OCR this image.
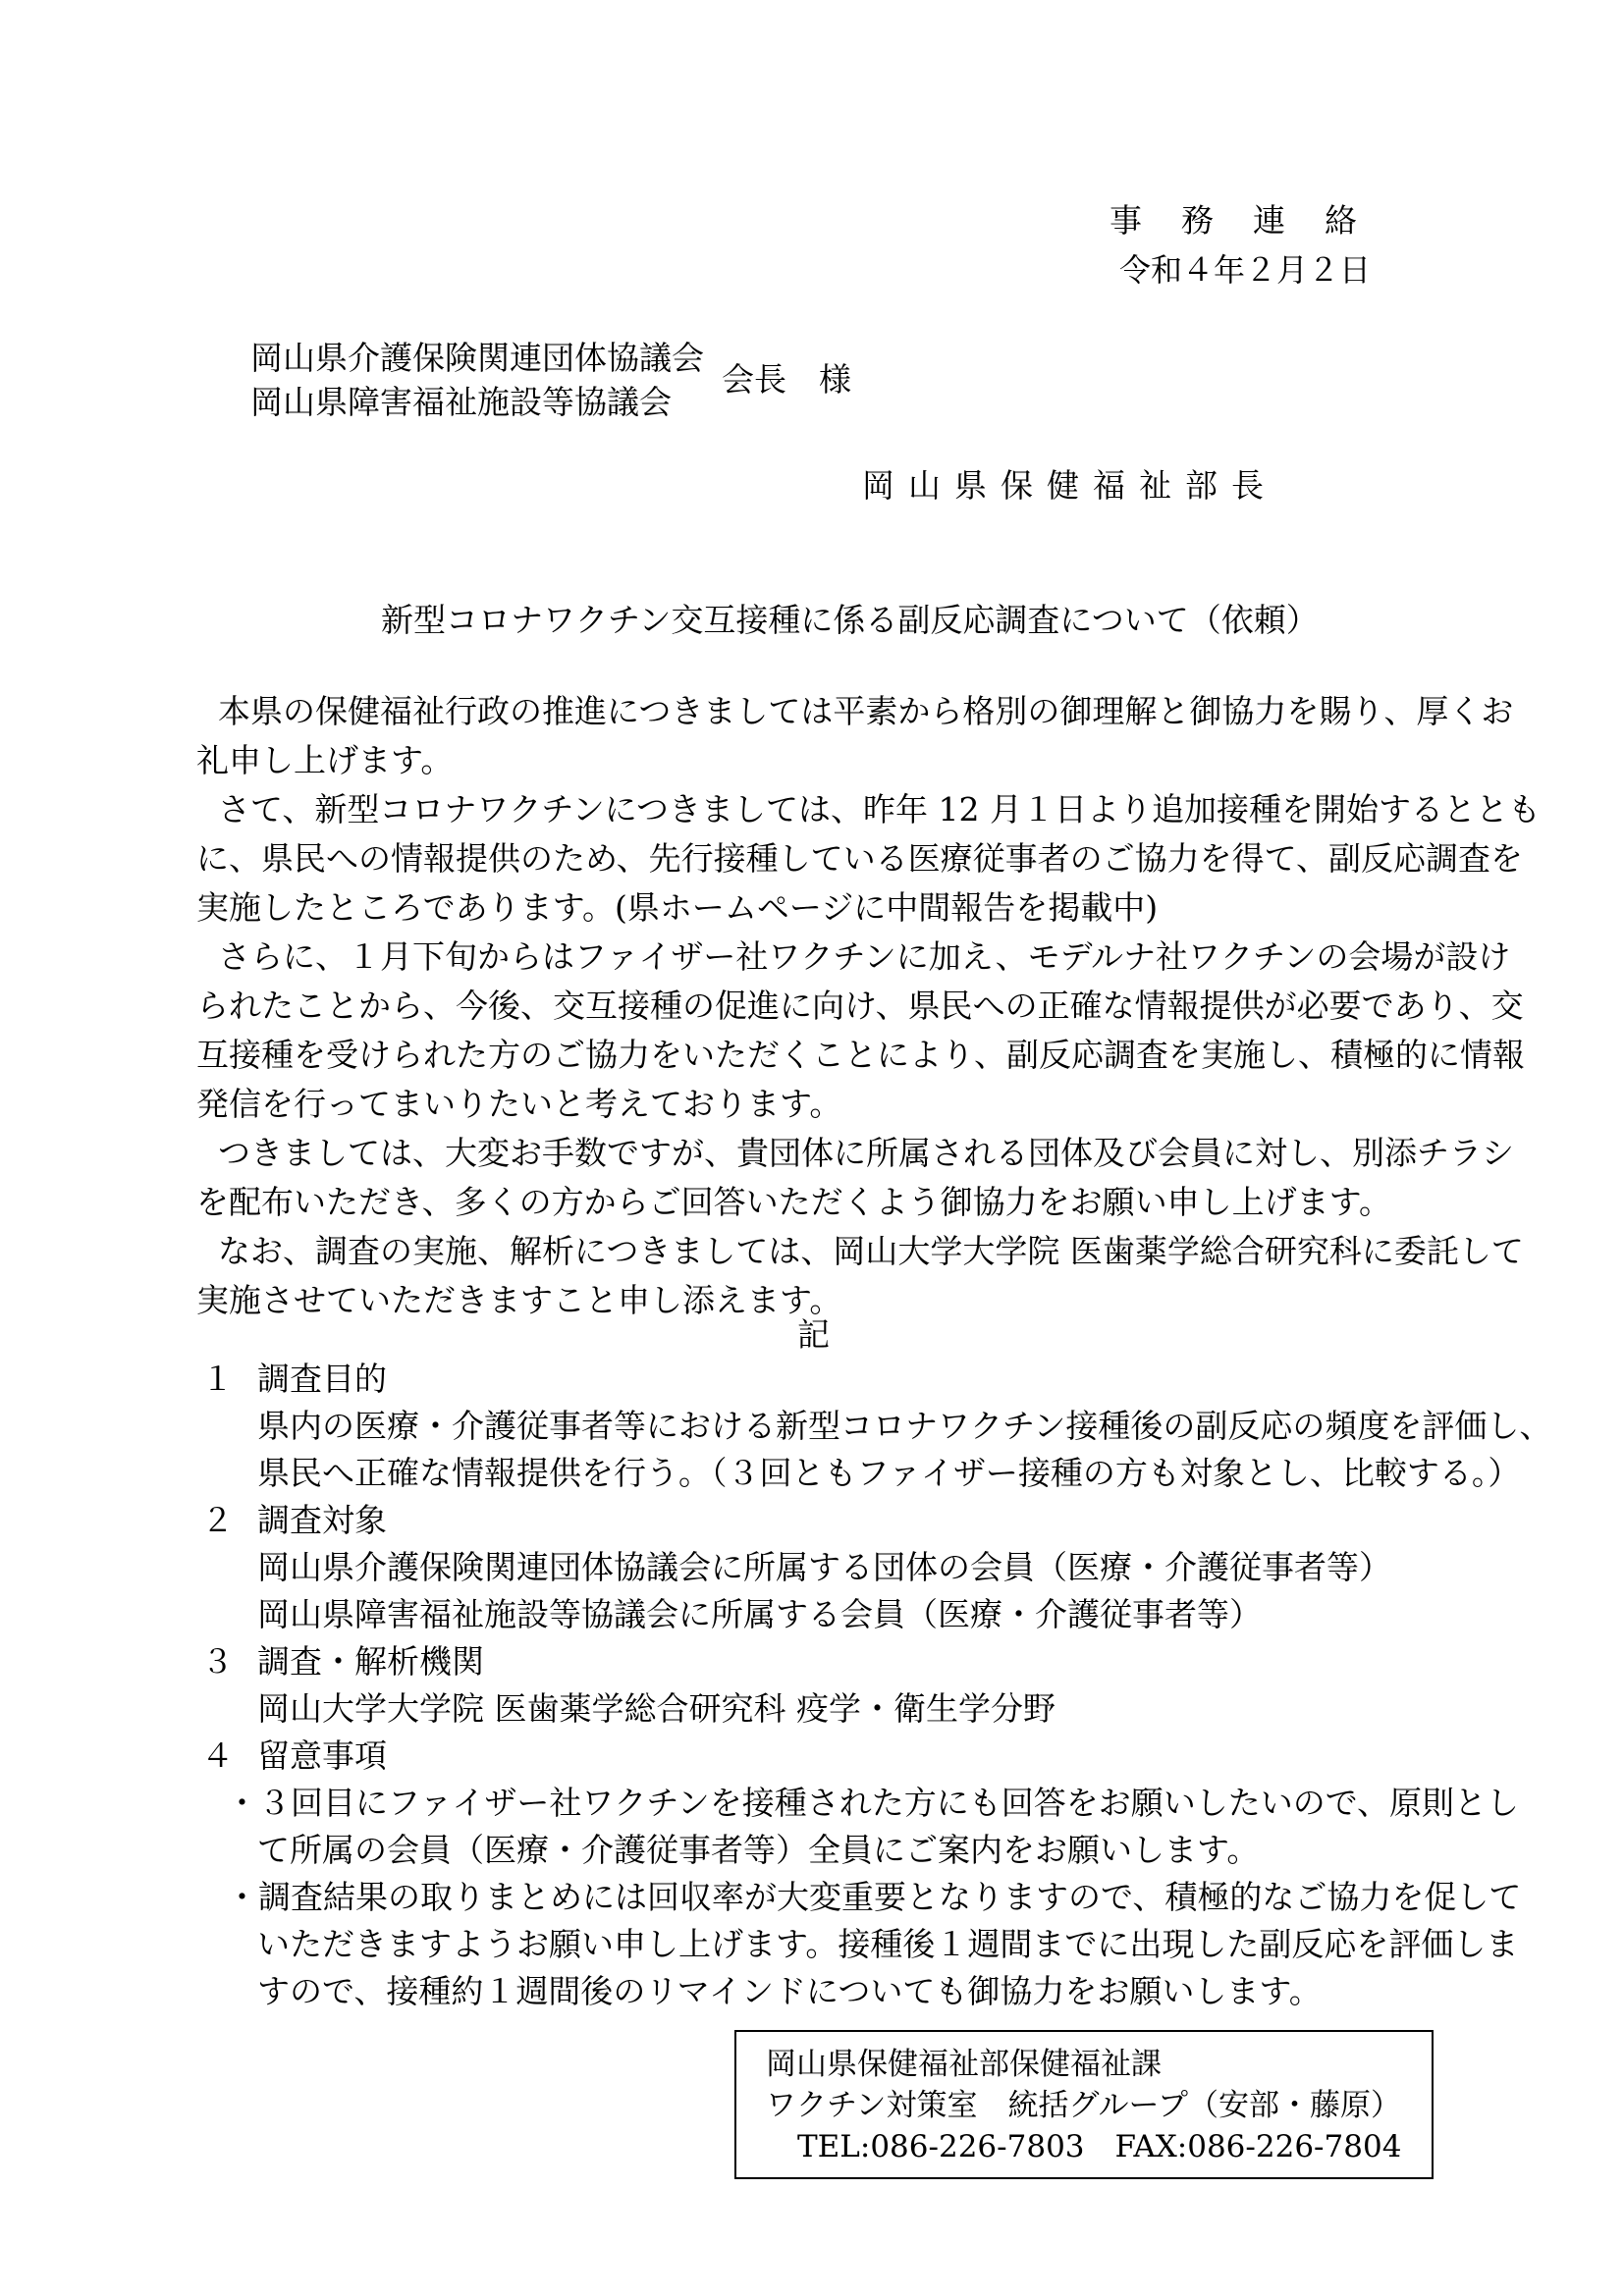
事務連絡
令和４年２月２日
岡山県介護保険関連団体協議会
岡山県障害福祉施設等協議会
会長　様
岡山県保健福祉部長
新型コロナワクチン交互接種に係る副反応調査について（依頼）
本県の保健福祉行政の推進につきましては平素から格別の御理解と御協力を賜り、厚くお
礼申し上げます。
さて、新型コロナワクチンにつきましては、昨年 12 月１日より追加接種を開始するととも
に、県民への情報提供のため、先行接種している医療従事者のご協力を得て、副反応調査を
実施したところであります。(県ホームページに中間報告を掲載中)
さらに、１月下旬からはファイザー社ワクチンに加え、モデルナ社ワクチンの会場が設け
られたことから、今後、交互接種の促進に向け、県民への正確な情報提供が必要であり、交
互接種を受けられた方のご協力をいただくことにより、副反応調査を実施し、積極的に情報
発信を行ってまいりたいと考えております。
つきましては、大変お手数ですが、貴団体に所属される団体及び会員に対し、別添チラシ
を配布いただき、多くの方からご回答いただくよう御協力をお願い申し上げます。
なお、調査の実施、解析につきましては、岡山大学大学院 医歯薬学総合研究科に委託して
実施させていただきますこと申し添えます。
記
１ 調査目的
県内の医療・介護従事者等における新型コロナワクチン接種後の副反応の頻度を評価し、
県民へ正確な情報提供を行う。（３回ともファイザー接種の方も対象とし、比較する。）
２ 調査対象
岡山県介護保険関連団体協議会に所属する団体の会員（医療・介護従事者等）
岡山県障害福祉施設等協議会に所属する会員（医療・介護従事者等）
３ 調査・解析機関
岡山大学大学院 医歯薬学総合研究科 疫学・衛生学分野
４ 留意事項
・３回目にファイザー社ワクチンを接種された方にも回答をお願いしたいので、原則とし
て所属の会員（医療・介護従事者等）全員にご案内をお願いします。
・調査結果の取りまとめには回収率が大変重要となりますので、積極的なご協力を促して
いただきますようお願い申し上げます。接種後１週間までに出現した副反応を評価しま
すので、接種約１週間後のリマインドについても御協力をお願いします。
岡山県保健福祉部保健福祉課
ワクチン対策室　統括グループ（安部・藤原）
TEL:086-226-7803　FAX:086-226-7804
